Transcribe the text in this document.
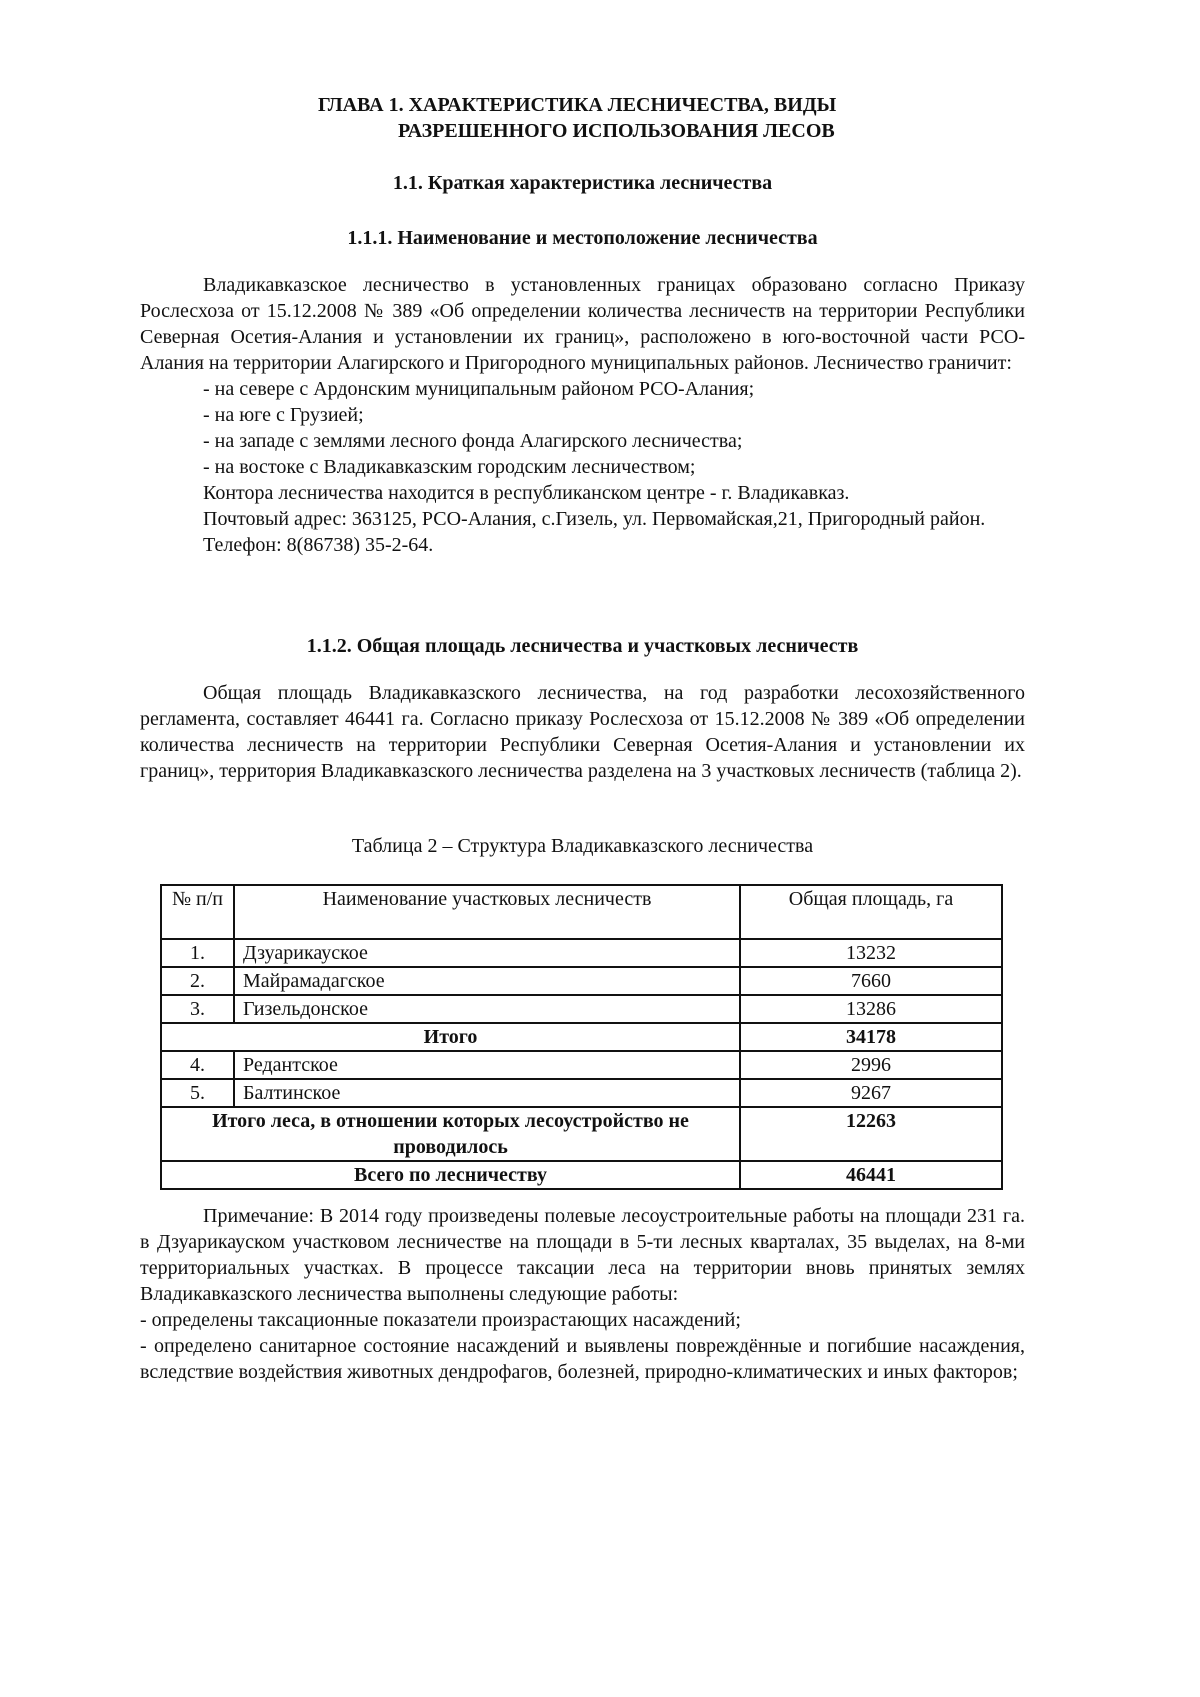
ГЛАВА 1. ХАРАКТЕРИСТИКА ЛЕСНИЧЕСТВА, ВИДЫ
РАЗРЕШЕННОГО ИСПОЛЬЗОВАНИЯ ЛЕСОВ
1.1. Краткая характеристика лесничества
1.1.1. Наименование и местоположение лесничества

Владикавказское лесничество в установленных границах образовано согласно Приказу Рослесхоза от 15.12.2008 № 389 «Об определении количества лесничеств на территории Республики Северная Осетия-Алания и установлении их границ», расположено в юго-восточной части РСО-Алания на территории Алагирского и Пригородного муниципальных районов. Лесничество граничит:

- на севере с Ардонским муниципальным районом РСО-Алания;

- на юге с Грузией;

- на западе с землями лесного фонда Алагирского лесничества;

- на востоке с Владикавказским городским лесничеством;

Контора лесничества находится в республиканском центре - г. Владикавказ.

Почтовый адрес: 363125, РСО-Алания, с.Гизель, ул. Первомайская,21, Пригородный район.

Телефон: 8(86738) 35-2-64.

1.1.2. Общая площадь лесничества и участковых лесничеств

Общая площадь Владикавказского лесничества, на год разработки лесохозяйственного регламента, составляет 46441 га. Согласно приказу Рослесхоза от 15.12.2008 № 389 «Об определении количества лесничеств на территории Республики Северная Осетия-Алания и установлении их границ», территория Владикавказского лесничества разделена на 3 участковых лесничеств (таблица 2).

Таблица 2 – Структура Владикавказского лесничества
№ п/п	Наименование участковых лесничеств	Общая площадь, га
1.	Дзуарикауское	13232
2.	Майрамадагское	7660
3.	Гизельдонское	13286
Итого		34178
4.	Редантское	2996
5.	Балтинское	9267
Итого леса, в отношении которых лесоустройство не проводилось		12263
Всего по лесничеству		46441

Примечание: В 2014 году произведены полевые лесоустроительные работы на площади 231 га. в Дзуарикауском участковом лесничестве на площади в 5-ти лесных кварталах, 35 выделах, на 8-ми территориальных участках. В процессе таксации леса на территории вновь принятых землях Владикавказского лесничества выполнены следующие работы:

- определены таксационные показатели произрастающих насаждений;

- определено санитарное состояние насаждений и выявлены повреждённые и погибшие насаждения, вследствие воздействия животных дендрофагов, болезней, природно-климатических и иных факторов;
